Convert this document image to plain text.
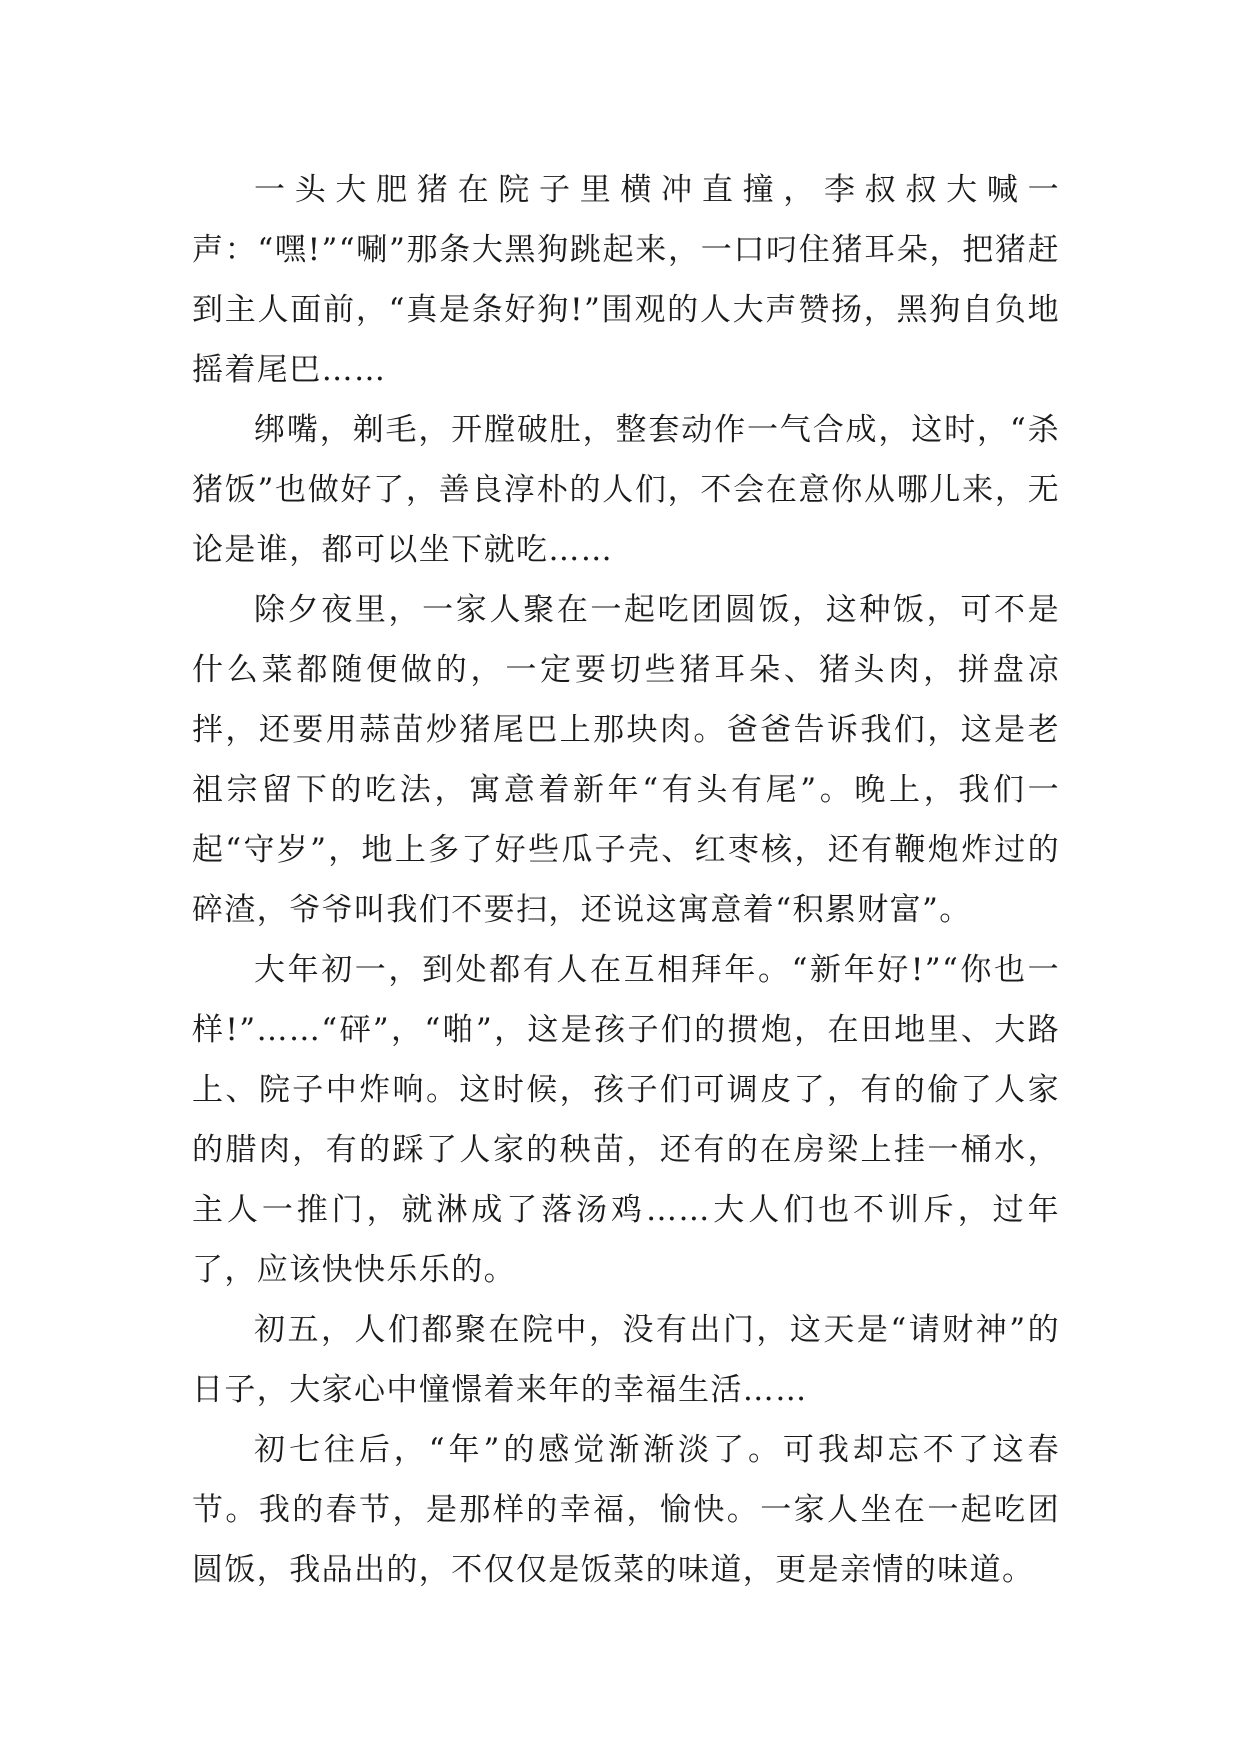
一头大肥猪在院子里横冲直撞，李叔叔大喊一声：“嘿!”“唰”那条大黑狗跳起来，一口叼住猪耳朵，把猪赶到主人面前，“真是条好狗!”围观的人大声赞扬，黑狗自负地摇着尾巴……

绑嘴，剃毛，开膛破肚，整套动作一气合成，这时，“杀猪饭”也做好了，善良淳朴的人们，不会在意你从哪儿来，无论是谁，都可以坐下就吃……

除夕夜里，一家人聚在一起吃团圆饭，这种饭，可不是什么菜都随便做的，一定要切些猪耳朵、猪头肉，拼盘凉拌，还要用蒜苗炒猪尾巴上那块肉。爸爸告诉我们，这是老祖宗留下的吃法，寓意着新年“有头有尾”。晚上，我们一起“守岁”，地上多了好些瓜子壳、红枣核，还有鞭炮炸过的碎渣，爷爷叫我们不要扫，还说这寓意着“积累财富”。

大年初一，到处都有人在互相拜年。“新年好!”“你也一样!”……“砰”，“啪”，这是孩子们的掼炮，在田地里、大路上、院子中炸响。这时候，孩子们可调皮了，有的偷了人家的腊肉，有的踩了人家的秧苗，还有的在房梁上挂一桶水，主人一推门，就淋成了落汤鸡……大人们也不训斥，过年了，应该快快乐乐的。

初五，人们都聚在院中，没有出门，这天是“请财神”的日子，大家心中憧憬着来年的幸福生活……

初七往后，“年”的感觉渐渐淡了。可我却忘不了这春节。我的春节，是那样的幸福，愉快。一家人坐在一起吃团圆饭，我品出的，不仅仅是饭菜的味道，更是亲情的味道。
